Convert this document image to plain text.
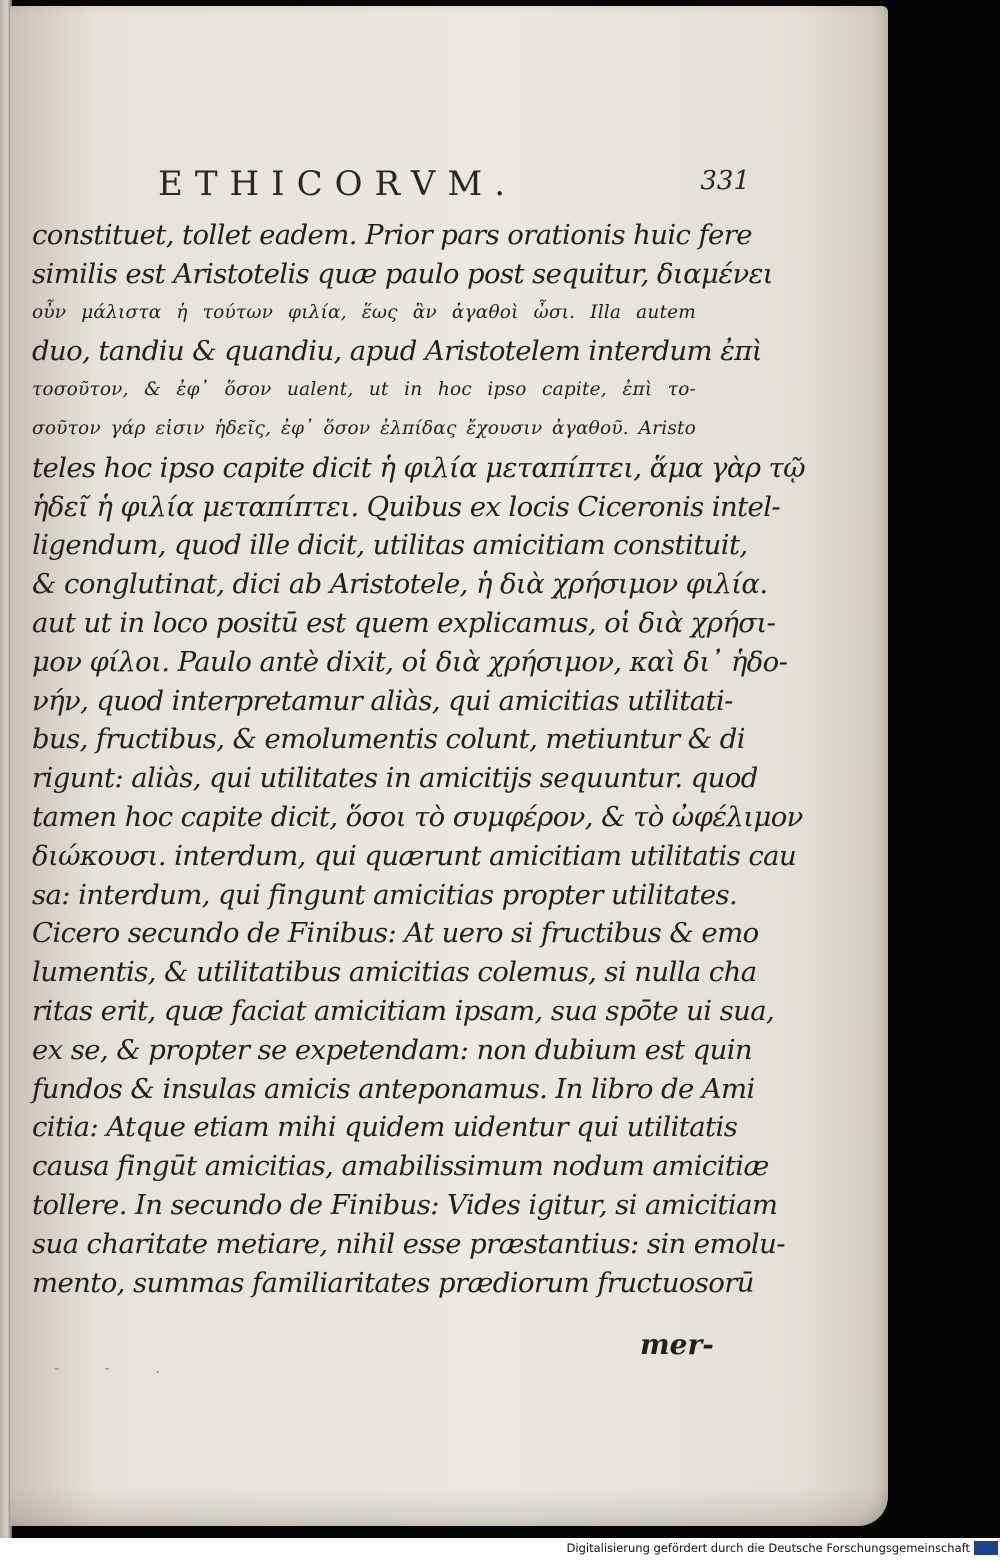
ETHICORVM.	331
constituet, tollet eadem. Prior pars orationis huic fere
similis est Aristotelis quæ paulo post sequitur, διαμένει
οὖν μάλιστα ἡ τούτων φιλία, ἕως ἂν ἀγαθοὶ ὦσι. Illa autem
duo, tandiu & quandiu, apud Aristotelem interdum ἐπὶ
τοσοῦτον, & ἐφ᾽ ὅσον ualent, ut in hoc ipso capite, ἐπὶ το-
σοῦτον γάρ εἰσιν ἡδεῖς, ἐφ᾽ ὅσον ἐλπίδας ἔχουσιν ἀγαθοῦ. Aristo
teles hoc ipso capite dicit ἡ φιλία μεταπίπτει, ἅμα γὰρ τῷ
ἡδεῖ ἡ φιλία μεταπίπτει. Quibus ex locis Ciceronis intel-
ligendum, quod ille dicit, utilitas amicitiam constituit,
& conglutinat, dici ab Aristotele, ἡ διὰ χρήσιμον φιλία.
aut ut in loco positū est quem explicamus, οἱ διὰ χρήσι-
μον φίλοι. Paulo antè dixit, οἱ διὰ χρήσιμον, καὶ δι᾽ ἡδο-
νήν, quod interpretamur aliàs, qui amicitias utilitati-
bus, fructibus, & emolumentis colunt, metiuntur & di
rigunt: aliàs, qui utilitates in amicitijs sequuntur. quod
tamen hoc capite dicit, ὅσοι τὸ συμφέρον, & τὸ ὠφέλιμον
διώκουσι. interdum, qui quærunt amicitiam utilitatis cau
sa: interdum, qui fingunt amicitias propter utilitates.
Cicero secundo de Finibus: At uero si fructibus & emo
lumentis, & utilitatibus amicitias colemus, si nulla cha
ritas erit, quæ faciat amicitiam ipsam, sua spōte ui sua,
ex se, & propter se expetendam: non dubium est quin
fundos & insulas amicis anteponamus. In libro de Ami
citia: Atque etiam mihi quidem uidentur qui utilitatis
causa fingūt amicitias, amabilissimum nodum amicitiæ
tollere. In secundo de Finibus: Vides igitur, si amicitiam
sua charitate metiare, nihil esse præstantius: sin emolu-
mento, summas familiaritates prædiorum fructuosorū
mer-
- - .
Digitalisierung gefördert durch die Deutsche Forschungsgemeinschaft
